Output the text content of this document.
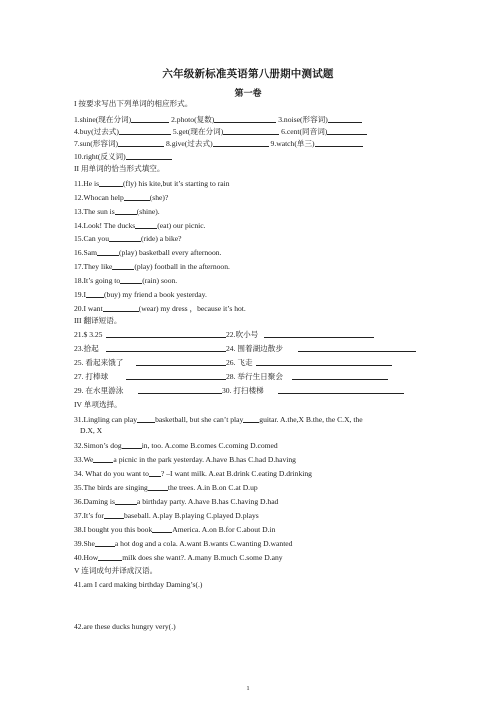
六年级新标准英语第八册期中测试题
第一卷
I 按要求写出下列单词的相应形式。
1.shine(现在分词)	2.photo(复数)	3.noise(形容词)
4.buy(过去式)	5.get(现在分词)	6.cent(同音词)
7.sun(形容词)	8.give(过去式)	9.watch(单三)
10.right(反义词)
II 用单词的恰当形式填空。
11.He is	(fly) his kite,but it’s starting to rain
12.Whocan help	(she)?
13.The sun is	(shine).
14.Look! The ducks	(eat) our picnic.
15.Can you	(ride) a bike?
16.Sam	(play) basketball every afternoon.
17.They like	(play) football in the afternoon.
18.It’s going to	(rain) soon.
19.I (buy) my friend a book yesterday.
20.I want	(wear) my dress ，because it’s hot.
III 翻译短语。
21.$ 3.25	22.吹小号
23.拾起	24. 围着湖边散步
25. 看起来饿了	26. 飞走
27. 打棒球	28. 举行生日聚会
29. 在水里游泳	30. 打扫楼梯
IV 单项选择。
31.Lingling can play basketball, but she can’t play guitar. A.the,X B.the, the C.X, the
D.X, X
32.Simon’s dog	in, too. A.come B.comes C.coming D.comed
33.We	a picnic in the park yesterday. A.have B.has C.had D.having
34. What do you want to ? –I want milk. A.eat B.drink C.eating D.drinking
35.The birds are singing	the trees. A.in B.on C.at D.up
36.Daming is	a birthday party. A.have B.has C.having D.had
37.It’s for	baseball. A.play B.playing C.played D.plays
38.I bought you this book	America. A.on B.for C.about D.in
39.She	a hot dog and a cola. A.want B.wants C.wanting D.wanted
40.How	milk does she want?. A.many B.much C.some D.any
V 连词成句并译成汉语。
41.am I card making birthday Daming’s(.)
42.are these ducks hungry very(.)
1
